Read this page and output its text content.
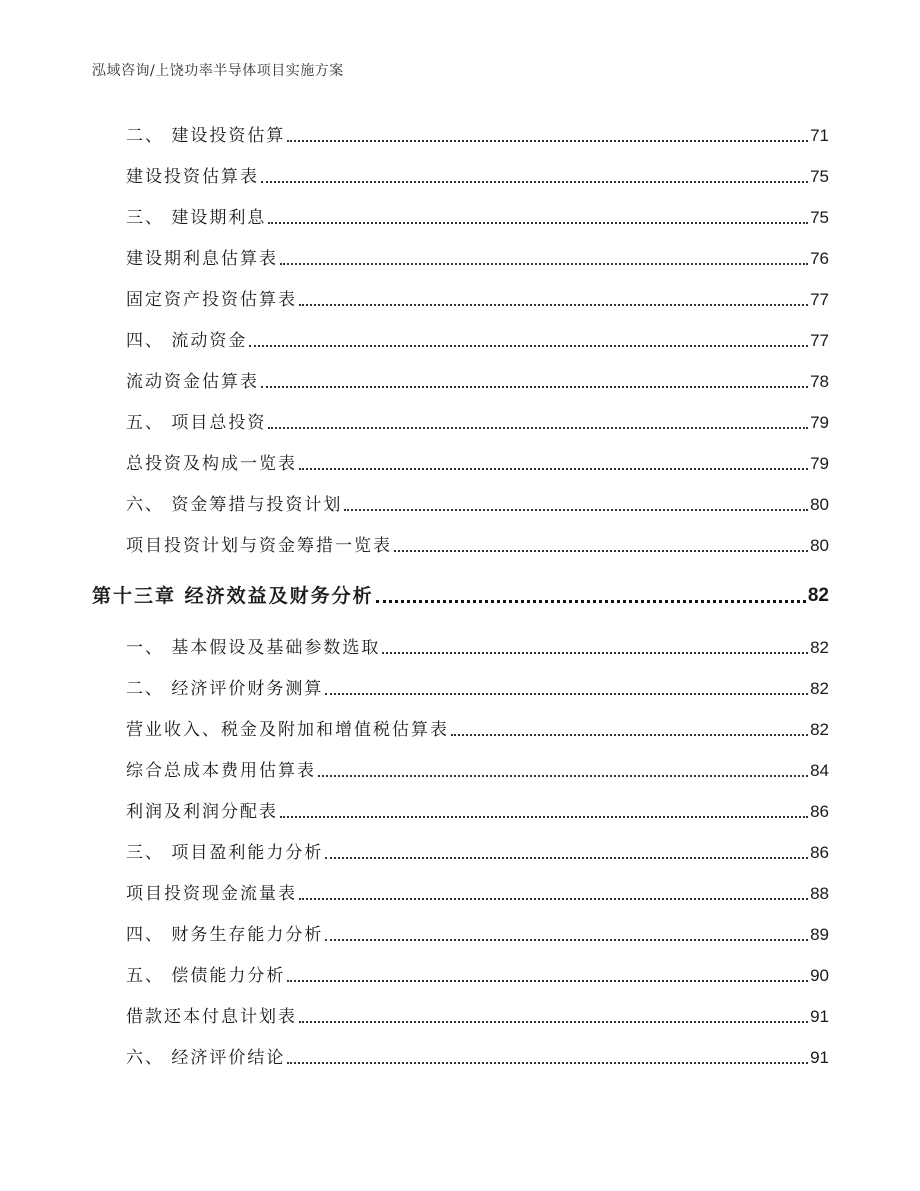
泓域咨询/上饶功率半导体项目实施方案
二、 建设投资估算	71
建设投资估算表	75
三、 建设期利息	75
建设期利息估算表	76
固定资产投资估算表	77
四、 流动资金	77
流动资金估算表	78
五、 项目总投资	79
总投资及构成一览表	79
六、 资金筹措与投资计划	80
项目投资计划与资金筹措一览表	80
第十三章 经济效益及财务分析	82
一、 基本假设及基础参数选取	82
二、 经济评价财务测算	82
营业收入、税金及附加和增值税估算表	82
综合总成本费用估算表	84
利润及利润分配表	86
三、 项目盈利能力分析	86
项目投资现金流量表	88
四、 财务生存能力分析	89
五、 偿债能力分析	90
借款还本付息计划表	91
六、 经济评价结论	91
